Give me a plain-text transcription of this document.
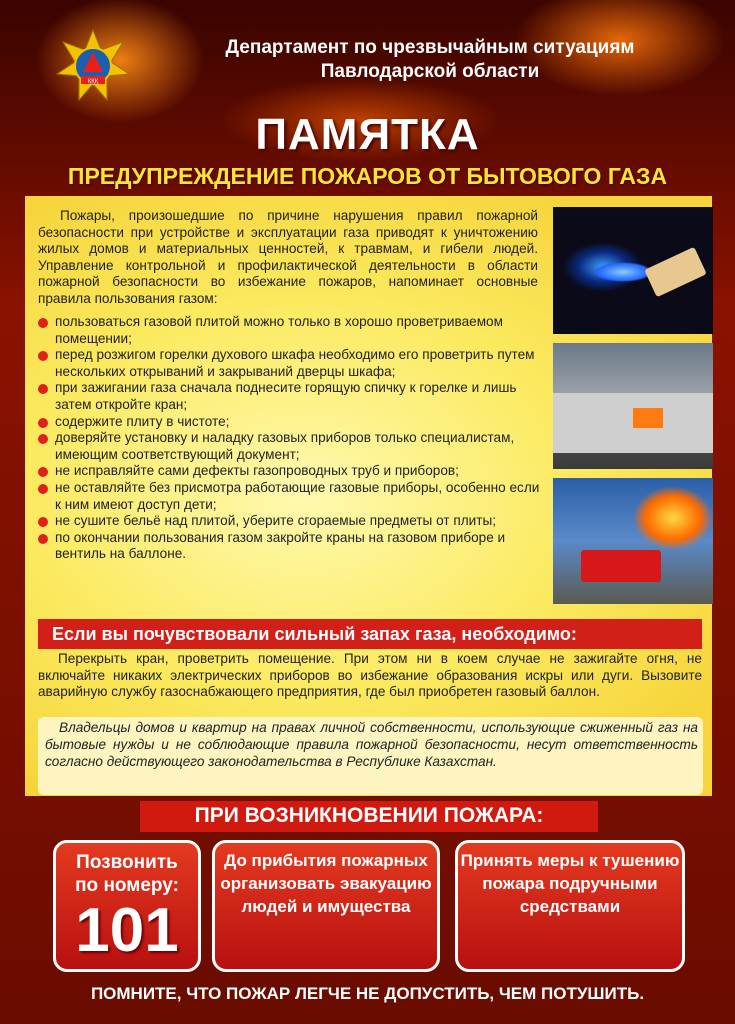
ҚҚҚ
Департамент по чрезвычайным ситуациям
Павлодарской области
ПАМЯТКА
ПРЕДУПРЕЖДЕНИЕ ПОЖАРОВ ОТ БЫТОВОГО ГАЗА
Пожары, произошедшие по причине нарушения правил пожарной безопасности при устройстве и эксплуатации газа приводят к уничтожению жилых домов и материальных ценностей, к травмам, и гибели людей. Управление контрольной и профилактической деятельности в области пожарной безопасности во избежание пожаров, напоминает основные правила пользования газом:
пользоваться газовой плитой можно только в хорошо проветриваемом помещении;
перед розжигом горелки духового шкафа необходимо его проветрить путем нескольких открываний и закрываний дверцы шкафа;
при зажигании газа сначала поднесите горящую спичку к горелке и лишь затем откройте кран;
содержите плиту в чистоте;
доверяйте установку и наладку газовых приборов только специалистам, имеющим соответствующий документ;
не исправляйте сами дефекты газопроводных труб и приборов;
не оставляйте без присмотра работающие газовые приборы, особенно если к ним имеют доступ дети;
не сушите бельё над плитой, уберите сгораемые предметы от плиты;
по окончании пользования газом закройте краны на газовом приборе и вентиль на баллоне.
Если вы почувствовали сильный запах газа, необходимо:
Перекрыть кран, проветрить помещение. При этом ни в коем случае не зажигайте огня, не включайте никаких электрических приборов во избежание образования искры или дуги. Вызовите аварийную службу газоснабжающего предприятия, где был приобретен газовый баллон.
Владельцы домов и квартир на правах личной собственности, использующие сжиженный газ на бытовые нужды и не соблюдающие правила пожарной безопасности, несут ответственность согласно действующего законодательства в Республике Казахстан.
ПРИ ВОЗНИКНОВЕНИИ ПОЖАРА:
Позвонить
по номеру:
101
До прибытия пожарных организовать эвакуацию людей и имущества
Принять меры к тушению пожара подручными средствами
ПОМНИТЕ, ЧТО ПОЖАР ЛЕГЧЕ НЕ ДОПУСТИТЬ, ЧЕМ ПОТУШИТЬ.
